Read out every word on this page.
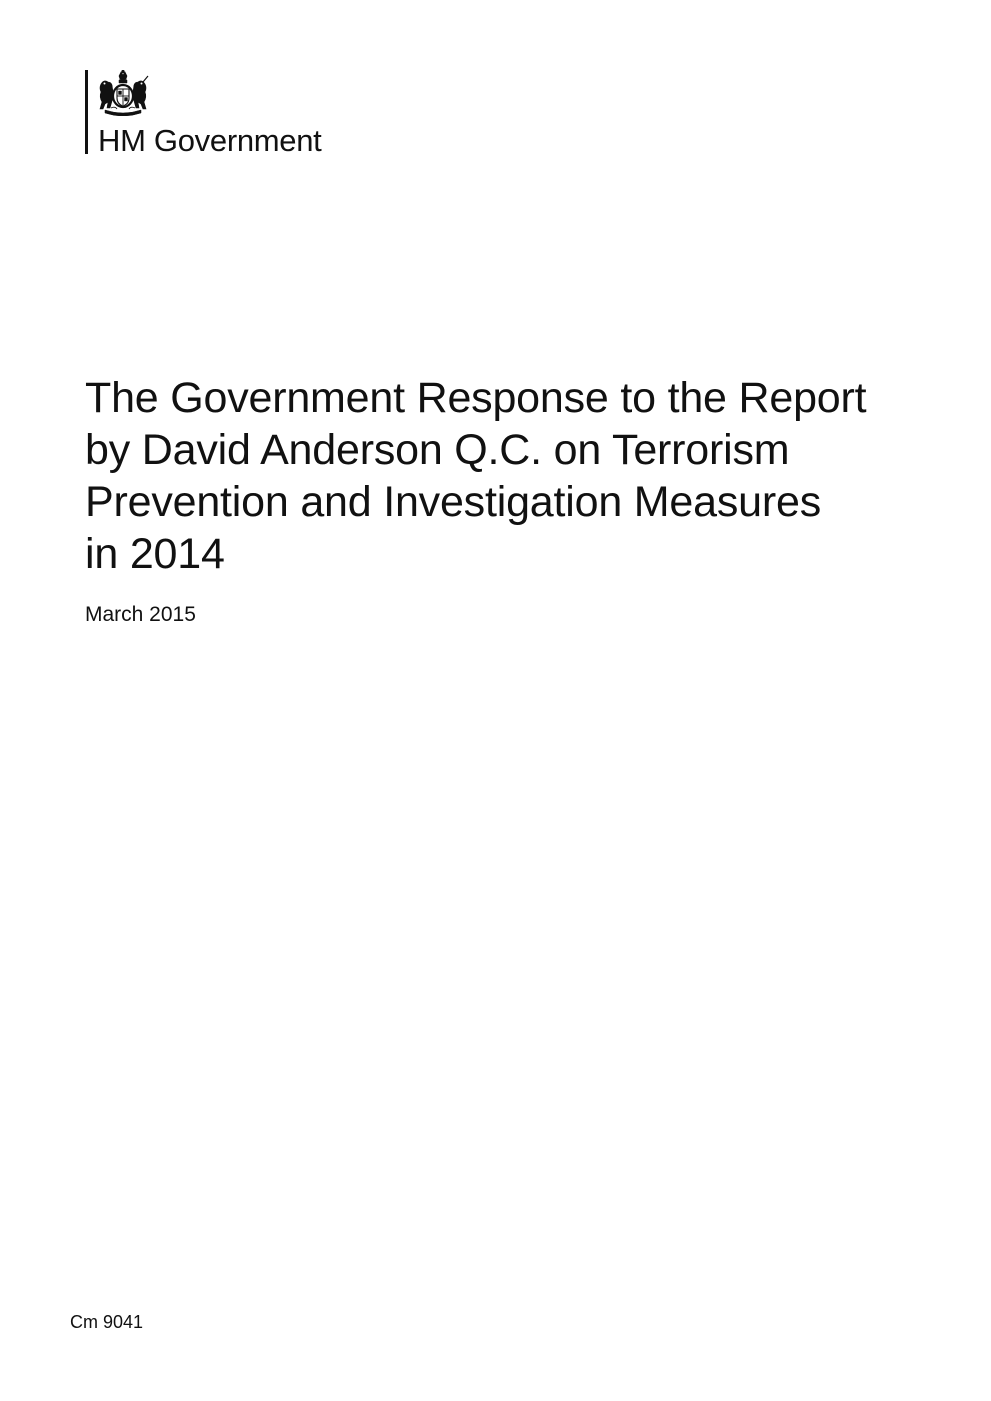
HM Government
The Government Response to the Report
by David Anderson Q.C. on Terrorism
Prevention and Investigation Measures
in 2014
March 2015
Cm 9041
